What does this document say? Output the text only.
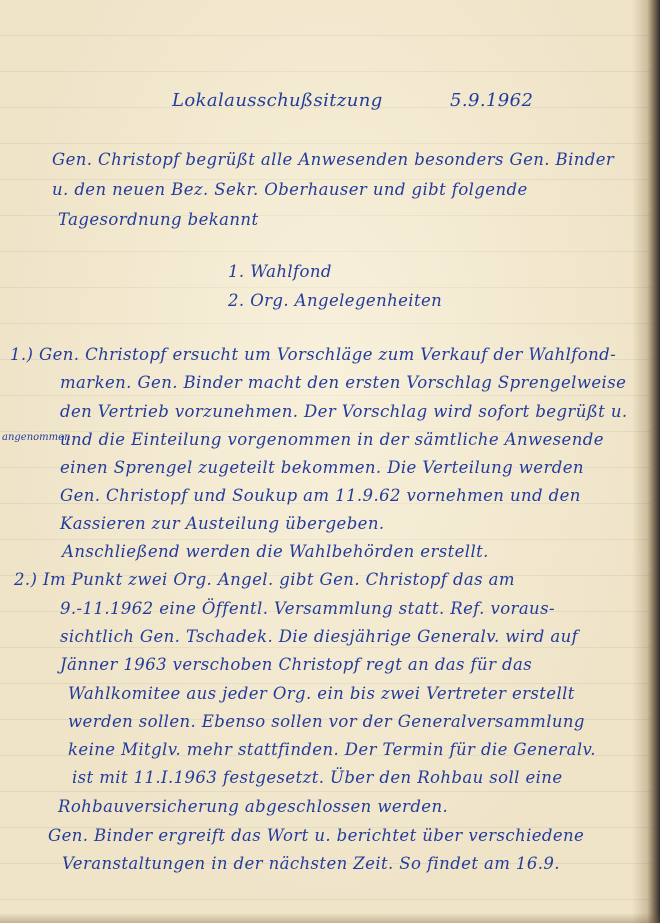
Lokalausschußsitzung	5.9.1962
Gen. Christopf begrüßt alle Anwesenden besonders Gen. Binder
u. den neuen Bez. Sekr. Oberhauser und gibt folgende
Tagesordnung bekannt
1. Wahlfond
2. Org. Angelegenheiten
angenommen
1.) Gen. Christopf ersucht um Vorschläge zum Verkauf der Wahlfond-
marken. Gen. Binder macht den ersten Vorschlag Sprengelweise
den Vertrieb vorzunehmen. Der Vorschlag wird sofort begrüßt u.
und die Einteilung vorgenommen in der sämtliche Anwesende
einen Sprengel zugeteilt bekommen. Die Verteilung werden
Gen. Christopf und Soukup am 11.9.62 vornehmen und den
Kassieren zur Austeilung übergeben.
Anschließend werden die Wahlbehörden erstellt.
2.) Im Punkt zwei Org. Angel. gibt Gen. Christopf das am
9.-11.1962 eine Öffentl. Versammlung statt. Ref. voraus-
sichtlich Gen. Tschadek. Die diesjährige Generalv. wird auf
Jänner 1963 verschoben Christopf regt an das für das
Wahlkomitee aus jeder Org. ein bis zwei Vertreter erstellt
werden sollen. Ebenso sollen vor der Generalversammlung
keine Mitglv. mehr stattfinden. Der Termin für die Generalv.
ist mit 11.I.1963 festgesetzt. Über den Rohbau soll eine
Rohbauversicherung abgeschlossen werden.
Gen. Binder ergreift das Wort u. berichtet über verschiedene
Veranstaltungen in der nächsten Zeit. So findet am 16.9.
